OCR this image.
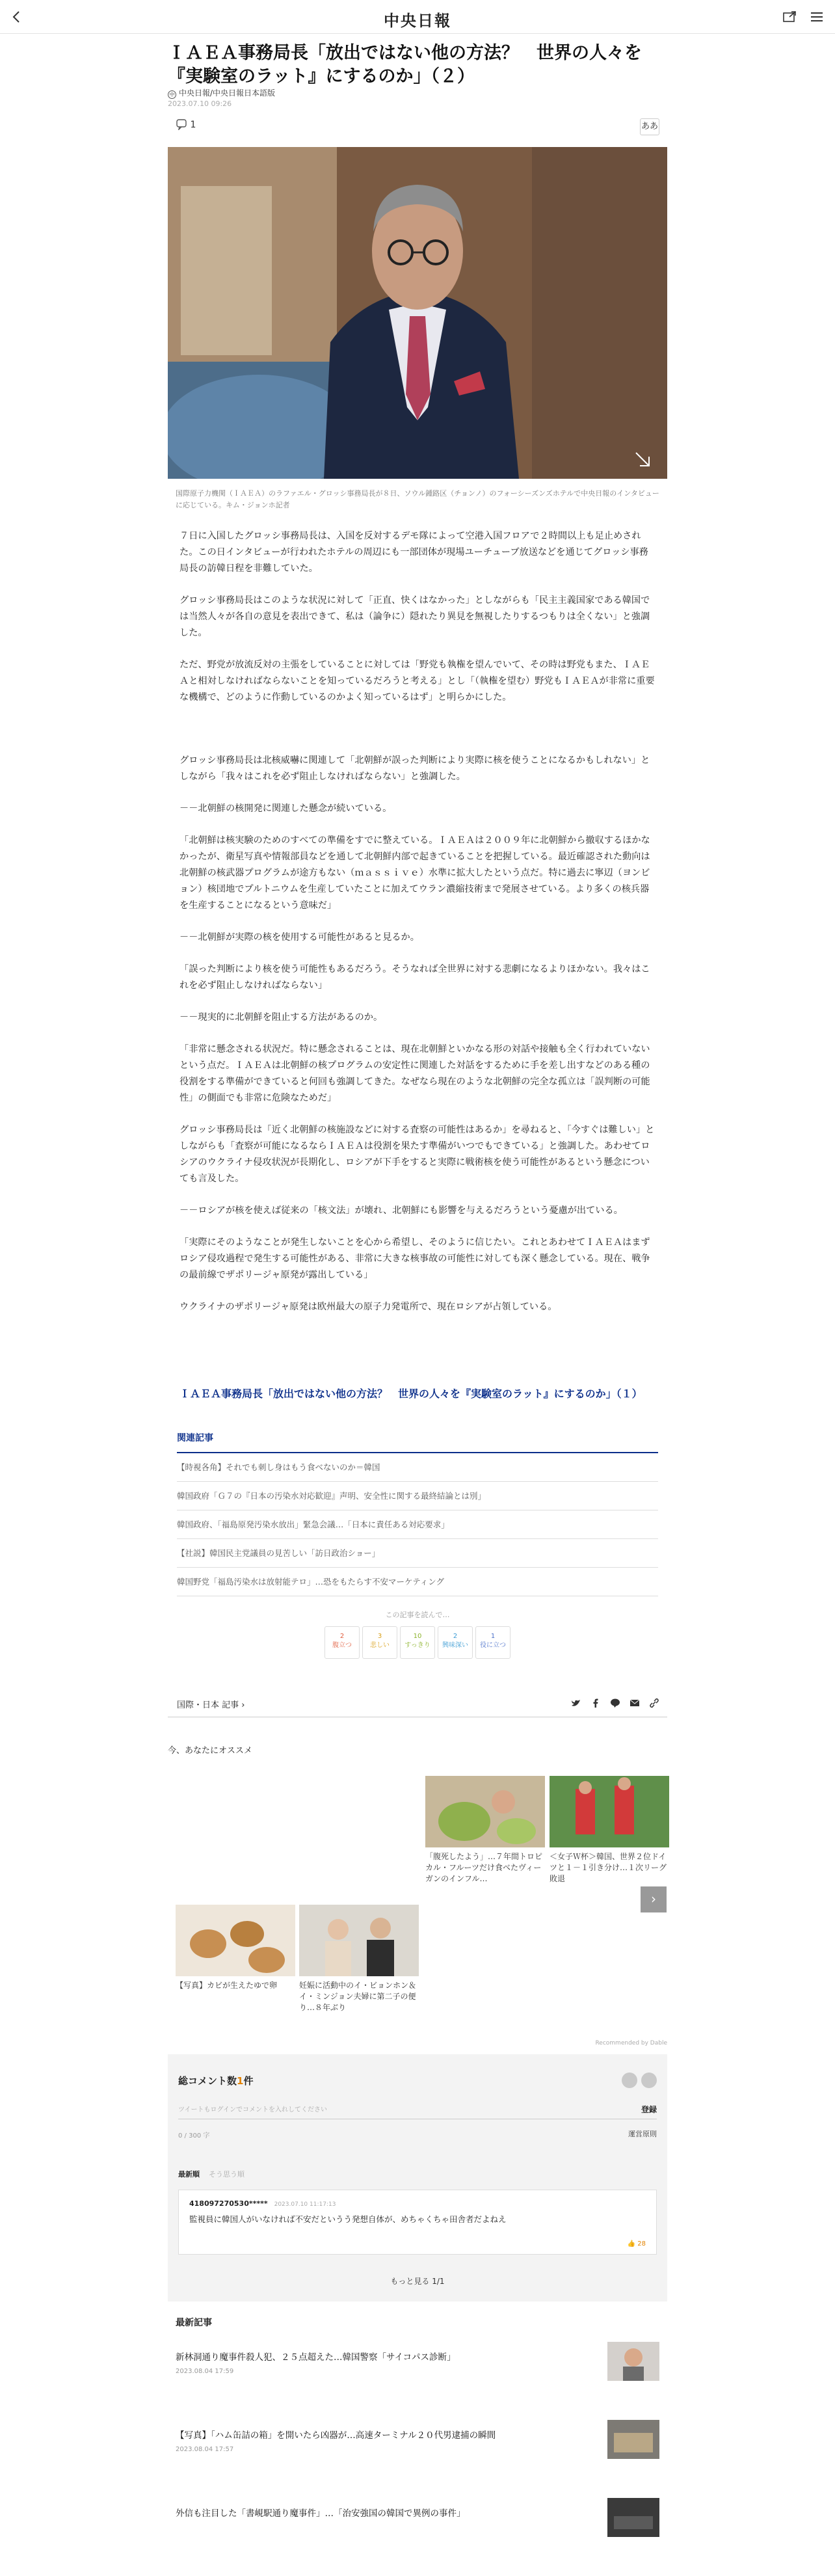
中央日報
ＩＡＥＡ事務局長「放出ではない他の方法？　世界の人々を『実験室のラット』にするのか」（２）
中 中央日報/中央日報日本語版
2023.07.10 09:26
1	ああ
国際原子力機関（ＩＡＥＡ）のラファエル・グロッシ事務局長が８日、ソウル鍾路区（チョンノ）のフォーシーズンズホテルで中央日報のインタビューに応じている。キム・ジョンホ記者

７日に入国したグロッシ事務局長は、入国を反対するデモ隊によって空港入国フロアで２時間以上も足止めされた。この日インタビューが行われたホテルの周辺にも一部団体が現場ユーチューブ放送などを通じてグロッシ事務局長の訪韓日程を非難していた。

グロッシ事務局長はこのような状況に対して「正直、快くはなかった」としながらも「民主主義国家である韓国では当然人々が各自の意見を表出できて、私は（論争に）隠れたり異見を無視したりするつもりは全くない」と強調した。

ただ、野党が放流反対の主張をしていることに対しては「野党も執権を望んでいて、その時は野党もまた、ＩＡＥＡと相対しなければならないことを知っているだろうと考える」とし「（執権を望む）野党もＩＡＥＡが非常に重要な機構で、どのように作動しているのかよく知っているはず」と明らかにした。

グロッシ事務局長は北核威嚇に関連して「北朝鮮が誤った判断により実際に核を使うことになるかもしれない」としながら「我々はこれを必ず阻止しなければならない」と強調した。

－－北朝鮮の核開発に関連した懸念が続いている。

「北朝鮮は核実験のためのすべての準備をすでに整えている。ＩＡＥＡは２００９年に北朝鮮から撤収するほかなかったが、衛星写真や情報部員などを通して北朝鮮内部で起きていることを把握している。最近確認された動向は北朝鮮の核武器プログラムが途方もない（ｍａｓｓｉｖｅ）水準に拡大したという点だ。特に過去に寧辺（ヨンビョン）核団地でプルトニウムを生産していたことに加えてウラン濃縮技術まで発展させている。より多くの核兵器を生産することになるという意味だ」

－－北朝鮮が実際の核を使用する可能性があると見るか。

「誤った判断により核を使う可能性もあるだろう。そうなれば全世界に対する悲劇になるよりほかない。我々はこれを必ず阻止しなければならない」

－－現実的に北朝鮮を阻止する方法があるのか。

「非常に懸念される状況だ。特に懸念されることは、現在北朝鮮といかなる形の対話や接触も全く行われていないという点だ。ＩＡＥＡは北朝鮮の核プログラムの安定性に関連した対話をするために手を差し出すなどのある種の役割をする準備ができていると何回も強調してきた。なぜなら現在のような北朝鮮の完全な孤立は「誤判断の可能性」の側面でも非常に危険なためだ」

グロッシ事務局長は「近く北朝鮮の核施設などに対する査察の可能性はあるか」を尋ねると、「今すぐは難しい」としながらも「査察が可能になるならＩＡＥＡは役割を果たす準備がいつでもできている」と強調した。あわせてロシアのウクライナ侵攻状況が長期化し、ロシアが下手をすると実際に戦術核を使う可能性があるという懸念についても言及した。

－－ロシアが核を使えば従来の「核文法」が壊れ、北朝鮮にも影響を与えるだろうという憂慮が出ている。

「実際にそのようなことが発生しないことを心から希望し、そのように信じたい。これとあわせてＩＡＥＡはまずロシア侵攻過程で発生する可能性がある、非常に大きな核事故の可能性に対しても深く懸念している。現在、戦争の最前線でザポリージャ原発が露出している」

ウクライナのザポリージャ原発は欧州最大の原子力発電所で、現在ロシアが占領している。

ＩＡＥＡ事務局長「放出ではない他の方法？　世界の人々を『実験室のラット』にするのか」（１）
関連記事
【時視各角】それでも刺し身はもう食べないのか＝韓国
韓国政府「Ｇ７の『日本の汚染水対応歓迎』声明、安全性に関する最終結論とは別」
韓国政府、「福島原発汚染水放出」緊急会議…「日本に責任ある対応要求」
【社説】韓国民主党議員の見苦しい「訪日政治ショー」
韓国野党「福島汚染水は放射能テロ」…恐をもたらす不安マーケティング
この記事を読んで…
2
腹立つ
3
悲しい
10
すっきり
2
興味深い
1
役に立つ
国際・日本 記事 ›
今、あなたにオススメ
「腹死したよう」…７年間トロピカル・フルーツだけ食べたヴィーガンのインフル…
＜女子Ｗ杯＞韓国、世界２位ドイツと１－１引き分け…１次リーグ敗退
›
【写真】カビが生えたゆで卵	妊娠に活動中のイ・ビョンホン＆イ・ミンジョン夫婦に第二子の便り…８年ぶり
Recommended by Dable
総コメント数1件
ツイートもログインでコメントを入れしてください	登録
0 / 300 字	運営原則
最新順 そう思う順
418097270530***** 2023.07.10 11:17:13
監視員に韓国人がいなければ不安だというう発想自体が、めちゃくちゃ田舎者だよねえ
👍 28
もっと見る 1/1
最新記事
新林洞通り魔事件殺人犯、２５点超えた…韓国警察「サイコパス診断」
2023.08.04 17:59
【写真】「ハム缶詰の箱」を開いたら凶器が…高速ターミナル２０代男逮捕の瞬間
2023.08.04 17:57
外信も注目した「書峴駅通り魔事件」…「治安強国の韓国で異例の事件」
